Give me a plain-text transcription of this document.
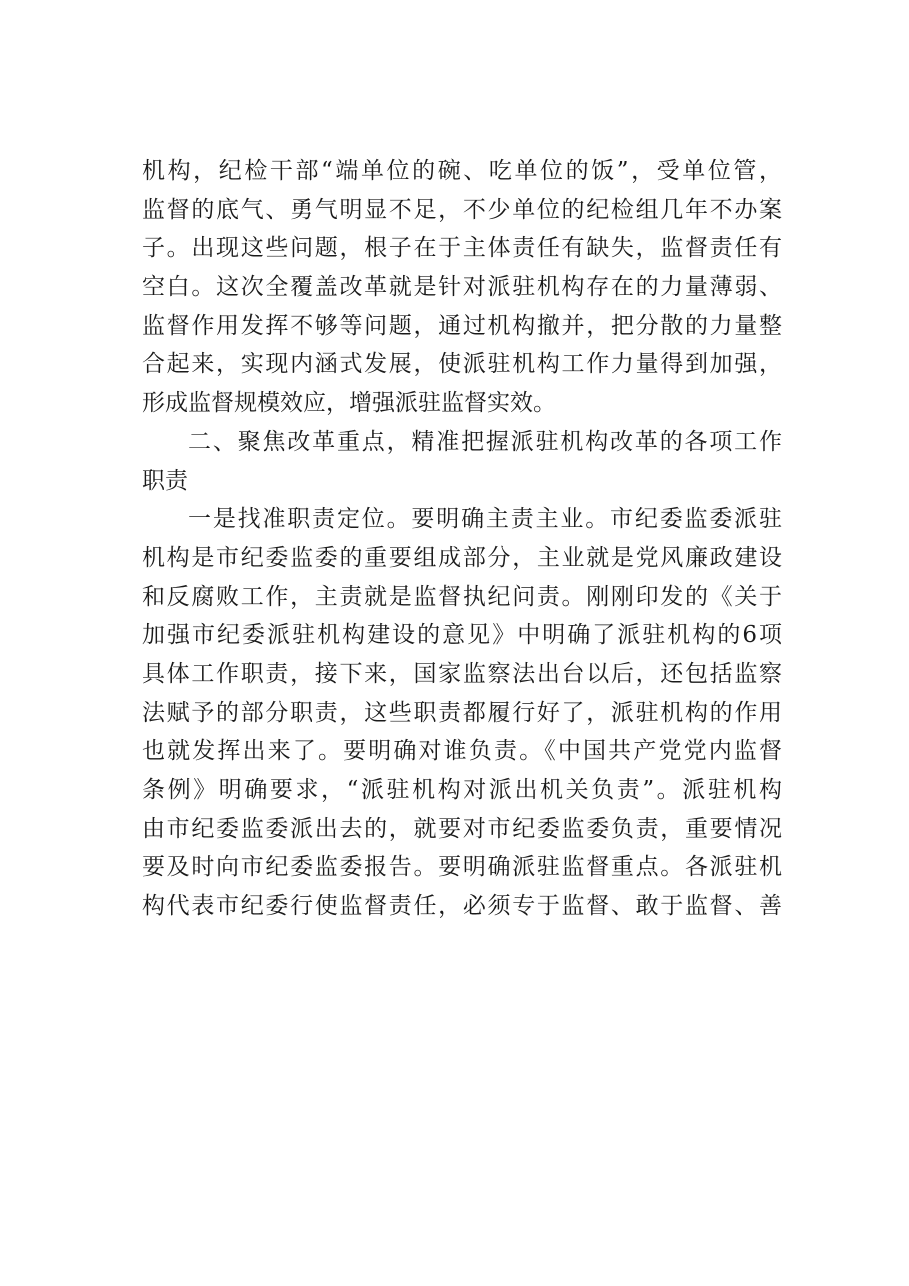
机构，纪检干部“端单位的碗、吃单位的饭”，受单位管，
监督的底气、勇气明显不足，不少单位的纪检组几年不办案
子。出现这些问题，根子在于主体责任有缺失，监督责任有
空白。这次全覆盖改革就是针对派驻机构存在的力量薄弱、
监督作用发挥不够等问题，通过机构撤并，把分散的力量整
合起来，实现内涵式发展，使派驻机构工作力量得到加强，
形成监督规模效应，增强派驻监督实效。
二、聚焦改革重点，精准把握派驻机构改革的各项工作
职责
一是找准职责定位。要明确主责主业。市纪委监委派驻
机构是市纪委监委的重要组成部分，主业就是党风廉政建设
和反腐败工作，主责就是监督执纪问责。刚刚印发的《关于
加强市纪委派驻机构建设的意见》中明确了派驻机构的6项
具体工作职责，接下来，国家监察法出台以后，还包括监察
法赋予的部分职责，这些职责都履行好了，派驻机构的作用
也就发挥出来了。要明确对谁负责。《中国共产党党内监督
条例》明确要求，“派驻机构对派出机关负责”。派驻机构
由市纪委监委派出去的，就要对市纪委监委负责，重要情况
要及时向市纪委监委报告。要明确派驻监督重点。各派驻机
构代表市纪委行使监督责任，必须专于监督、敢于监督、善
